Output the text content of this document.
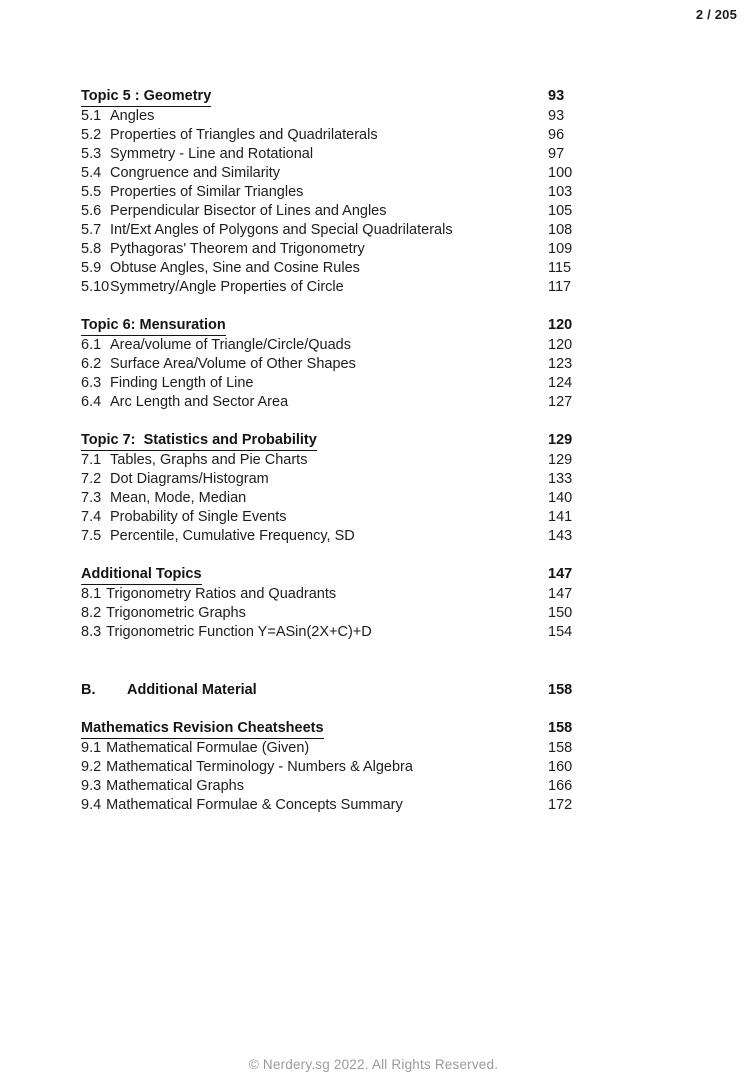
2 / 205
Topic 5 : Geometry	93
5.1 Angles	93
5.2 Properties of Triangles and Quadrilaterals	96
5.3 Symmetry - Line and Rotational	97
5.4 Congruence and Similarity	100
5.5 Properties of Similar Triangles	103
5.6 Perpendicular Bisector of Lines and Angles	105
5.7 Int/Ext Angles of Polygons and Special Quadrilaterals	108
5.8 Pythagoras' Theorem and Trigonometry	109
5.9 Obtuse Angles, Sine and Cosine Rules	115
5.10Symmetry/Angle Properties of Circle	117
Topic 6: Mensuration	120
6.1 Area/volume of Triangle/Circle/Quads	120
6.2 Surface Area/Volume of Other Shapes	123
6.3 Finding Length of Line	124
6.4 Arc Length and Sector Area	127
Topic 7:  Statistics and Probability	129
7.1 Tables, Graphs and Pie Charts	129
7.2 Dot Diagrams/Histogram	133
7.3 Mean, Mode, Median	140
7.4 Probability of Single Events	141
7.5 Percentile, Cumulative Frequency, SD	143
Additional Topics	147
8.1 Trigonometry Ratios and Quadrants	147
8.2 Trigonometric Graphs	150
8.3 Trigonometric Function Y=ASin(2X+C)+D	154
B. Additional Material	158
Mathematics Revision Cheatsheets	158
9.1 Mathematical Formulae (Given)	158
9.2 Mathematical Terminology - Numbers & Algebra	160
9.3 Mathematical Graphs	166
9.4 Mathematical Formulae & Concepts Summary	172
© Nerdery.sg 2022. All Rights Reserved.
